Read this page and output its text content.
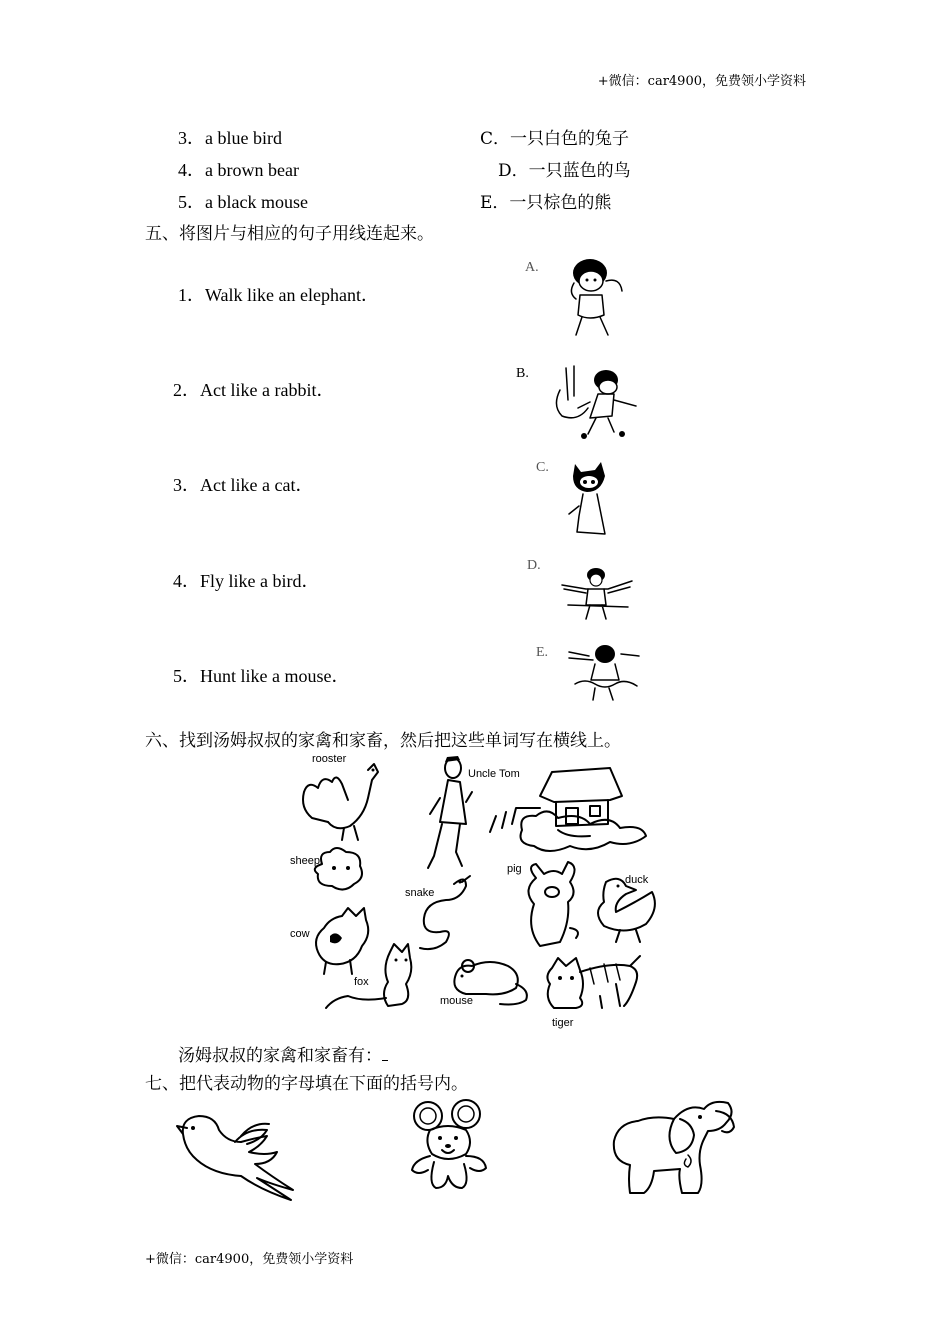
+微信：car4900，免费领小学资料
+微信：car4900，免费领小学资料
3．a blue bird
4．a brown bear
5．a black mouse
C．一只白色的兔子
D．一只蓝色的鸟
E．一只棕色的熊
五、将图片与相应的句子用线连起来。
1．Walk like an elephant．
2．Act like a rabbit．
3．Act like a cat．
4．Fly like a bird．
5．Hunt like a mouse．
A.
B.
C.
D.
E.
六、找到汤姆叔叔的家禽和家畜，然后把这些单词写在横线上。
rooster
Uncle Tom
sheep
snake
pig
duck
cow
fox
mouse
tiger
汤姆叔叔的家禽和家畜有：
七、把代表动物的字母填在下面的括号内。
